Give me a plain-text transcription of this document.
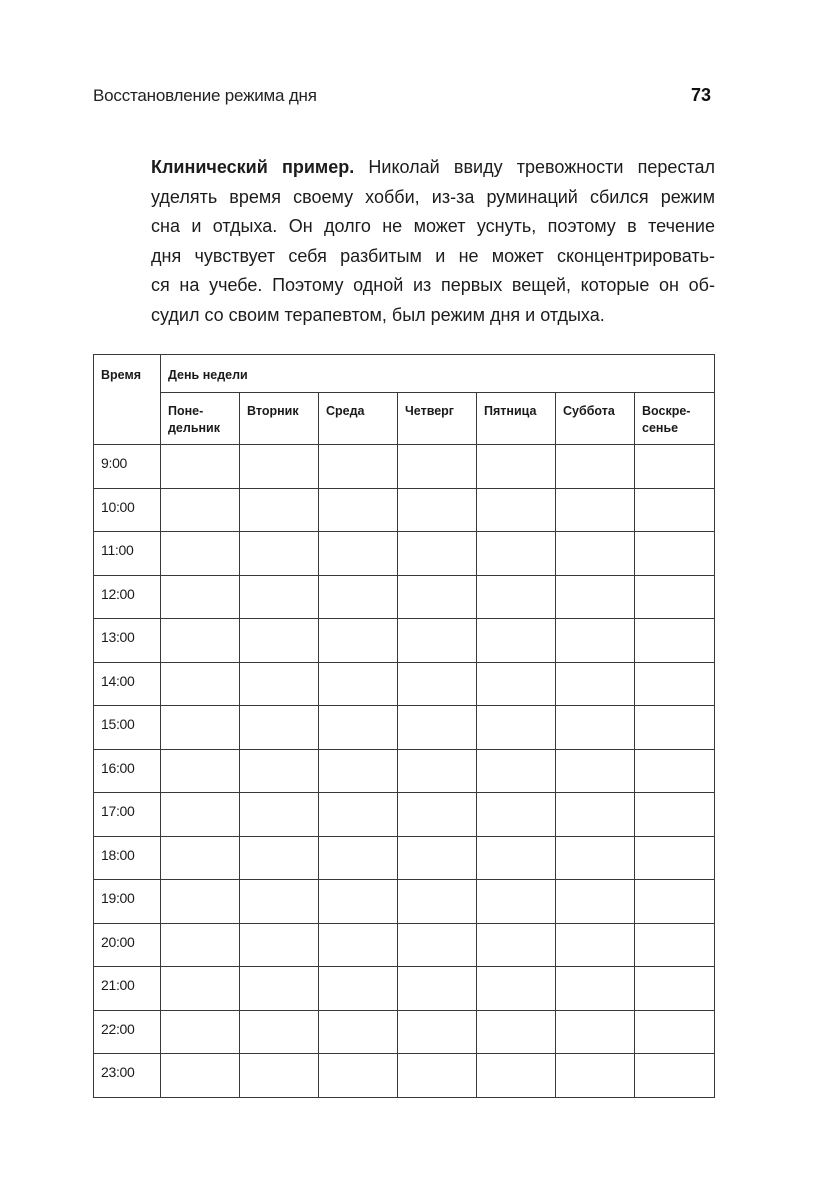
Восстановление режима дня	73
Клинический пример. Николай ввиду тревожности перестал
уделять время своему хобби, из-за руминаций сбился режим
сна и отдыха. Он долго не может уснуть, поэтому в течение
дня чувствует себя разбитым и не может сконцентрировать-
ся на учебе. Поэтому одной из первых вещей, которые он об-
судил со своим терапевтом, был режим дня и отдыха.
Время	День недели						
	Поне-
дельник	Вторник	Среда	Четверг	Пятница	Суббота	Воскре-
сенье
9:00							
10:00							
11:00							
12:00							
13:00							
14:00							
15:00							
16:00							
17:00							
18:00							
19:00							
20:00							
21:00							
22:00							
23:00							
